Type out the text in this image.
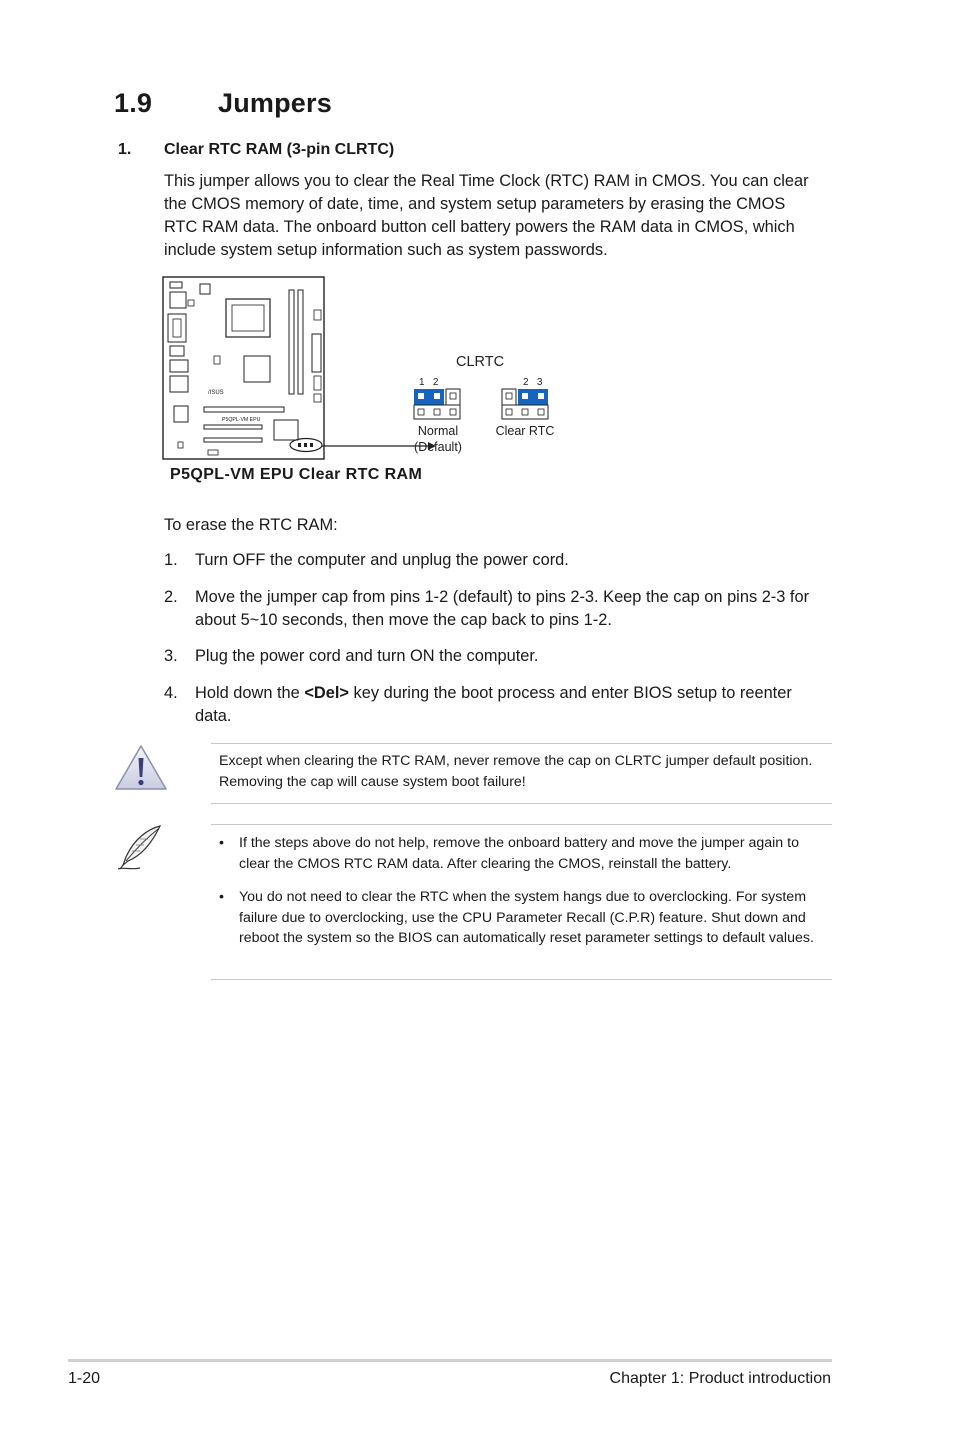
1.9 Jumpers
1. Clear RTC RAM (3-pin CLRTC)

This jumper allows you to clear the Real Time Clock (RTC) RAM in CMOS. You can clear the CMOS memory of date, time, and system setup parameters by erasing the CMOS RTC RAM data. The onboard button cell battery powers the RAM data in CMOS, which include system setup information such as system passwords.

/ISUS
P5QPL-VM EPU
CLRTC
1   2
Normal
(Default)
2   3
Clear RTC
P5QPL-VM EPU Clear RTC RAM
To erase the RTC RAM:
1. Turn OFF the computer and unplug the power cord.
2. Move the jumper cap from pins 1-2 (default) to pins 2-3. Keep the cap on pins 2-3 for about 5~10 seconds, then move the cap back to pins 1-2.
3. Plug the power cord and turn ON the computer.
4. Hold down the <Del> key during the boot process and enter BIOS setup to reenter data.
Except when clearing the RTC RAM, never remove the cap on CLRTC jumper default position. Removing the cap will cause system boot failure!
• If the steps above do not help, remove the onboard battery and move the jumper again to clear the CMOS RTC RAM data. After clearing the CMOS, reinstall the battery.
• You do not need to clear the RTC when the system hangs due to overclocking. For system failure due to overclocking, use the CPU Parameter Recall (C.P.R) feature. Shut down and reboot the system so the BIOS can automatically reset parameter settings to default values.
1-20	Chapter 1: Product introduction
